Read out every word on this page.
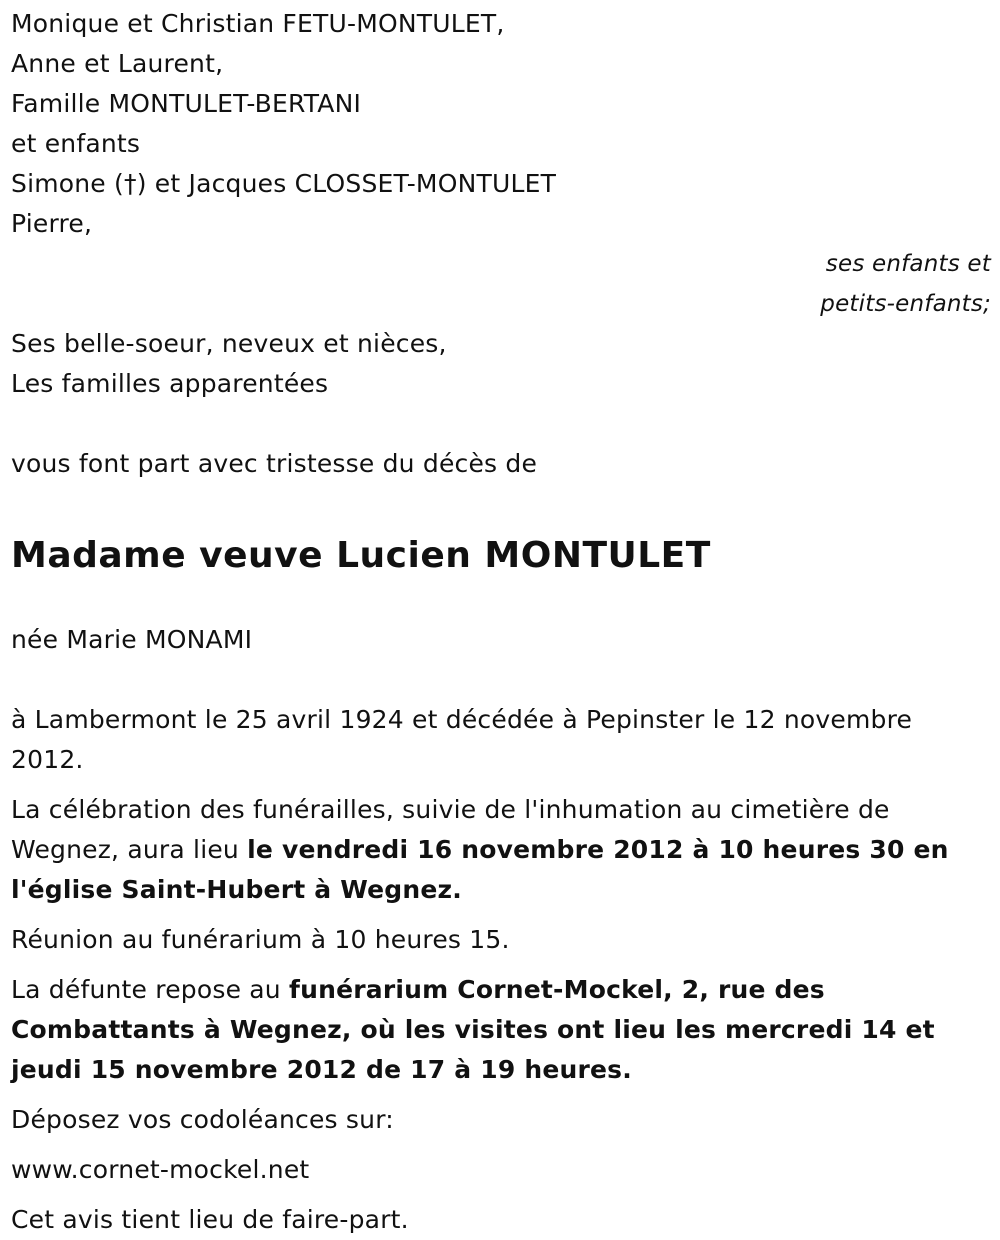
Monique et Christian FETU-MONTULET,
Anne et Laurent,
Famille MONTULET-BERTANI
et enfants
Simone (†) et Jacques CLOSSET-MONTULET
Pierre,
ses enfants et
petits-enfants;
Ses belle-soeur, neveux et nièces,
Les familles apparentées
vous font part avec tristesse du décès de
Madame veuve Lucien MONTULET
née Marie MONAMI

à Lambermont le 25 avril 1924 et décédée à Pepinster le 12 novembre 2012.

La célébration des funérailles, suivie de l'inhumation au cimetière de Wegnez, aura lieu le vendredi 16 novembre 2012 à 10 heures 30 en l'église Saint-Hubert à Wegnez.

Réunion au funérarium à 10 heures 15.

La défunte repose au funérarium Cornet-Mockel, 2, rue des Combattants à Wegnez, où les visites ont lieu les mercredi 14 et jeudi 15 novembre 2012 de 17 à 19 heures.

Déposez vos codoléances sur:

www.cornet-mockel.net

Cet avis tient lieu de faire-part.
